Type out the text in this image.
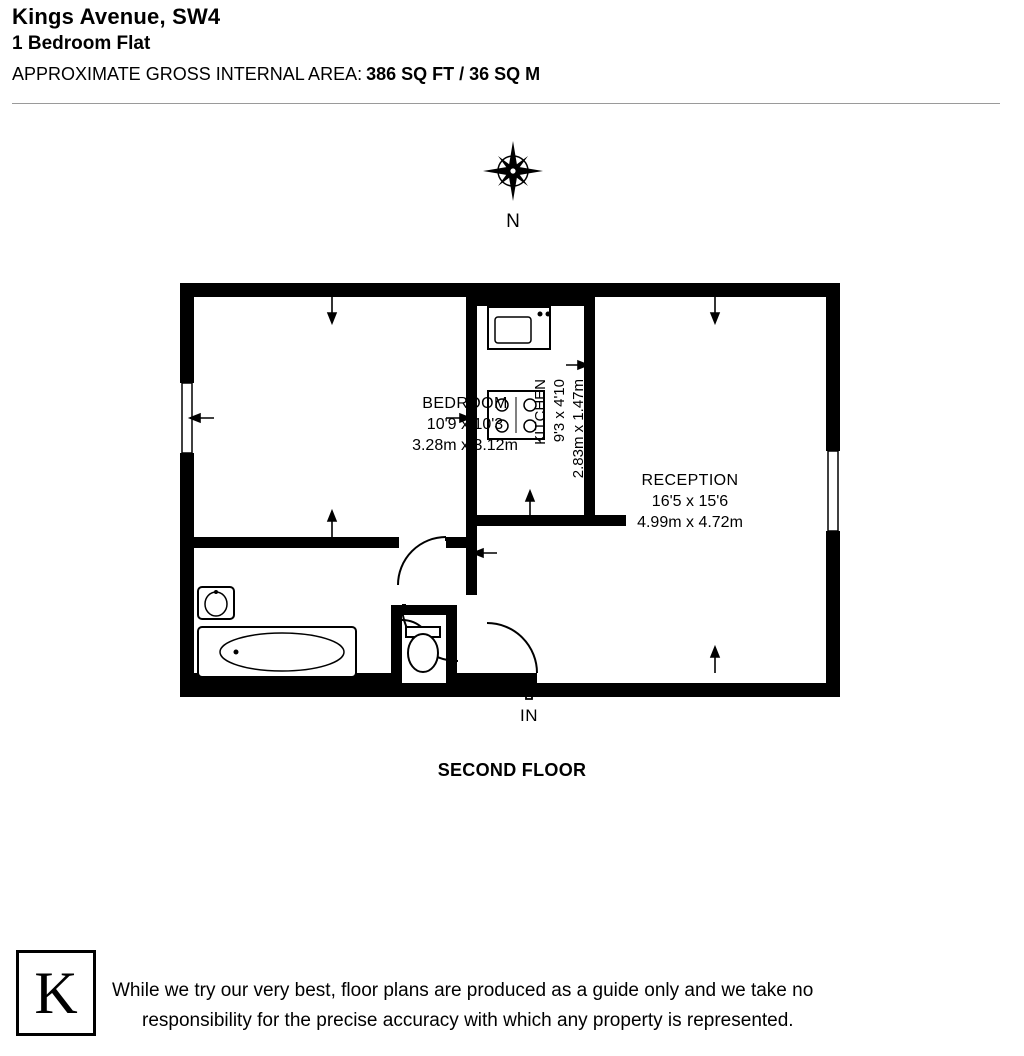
Kings Avenue, SW4
1 Bedroom Flat
APPROXIMATE GROSS INTERNAL AREA: 386 SQ FT / 36 SQ M
N
BEDROOM
10'9 x 10'3
3.28m x 3.12m
RECEPTION
16'5 x 15'6
4.99m x 4.72m
KITCHEN 9'3 x 4'10 2.83m x 1.47m
IN
SECOND FLOOR
K While we try our very best, floor plans are produced as a guide only and we take no
responsibility for the precise accuracy with which any property is represented.
